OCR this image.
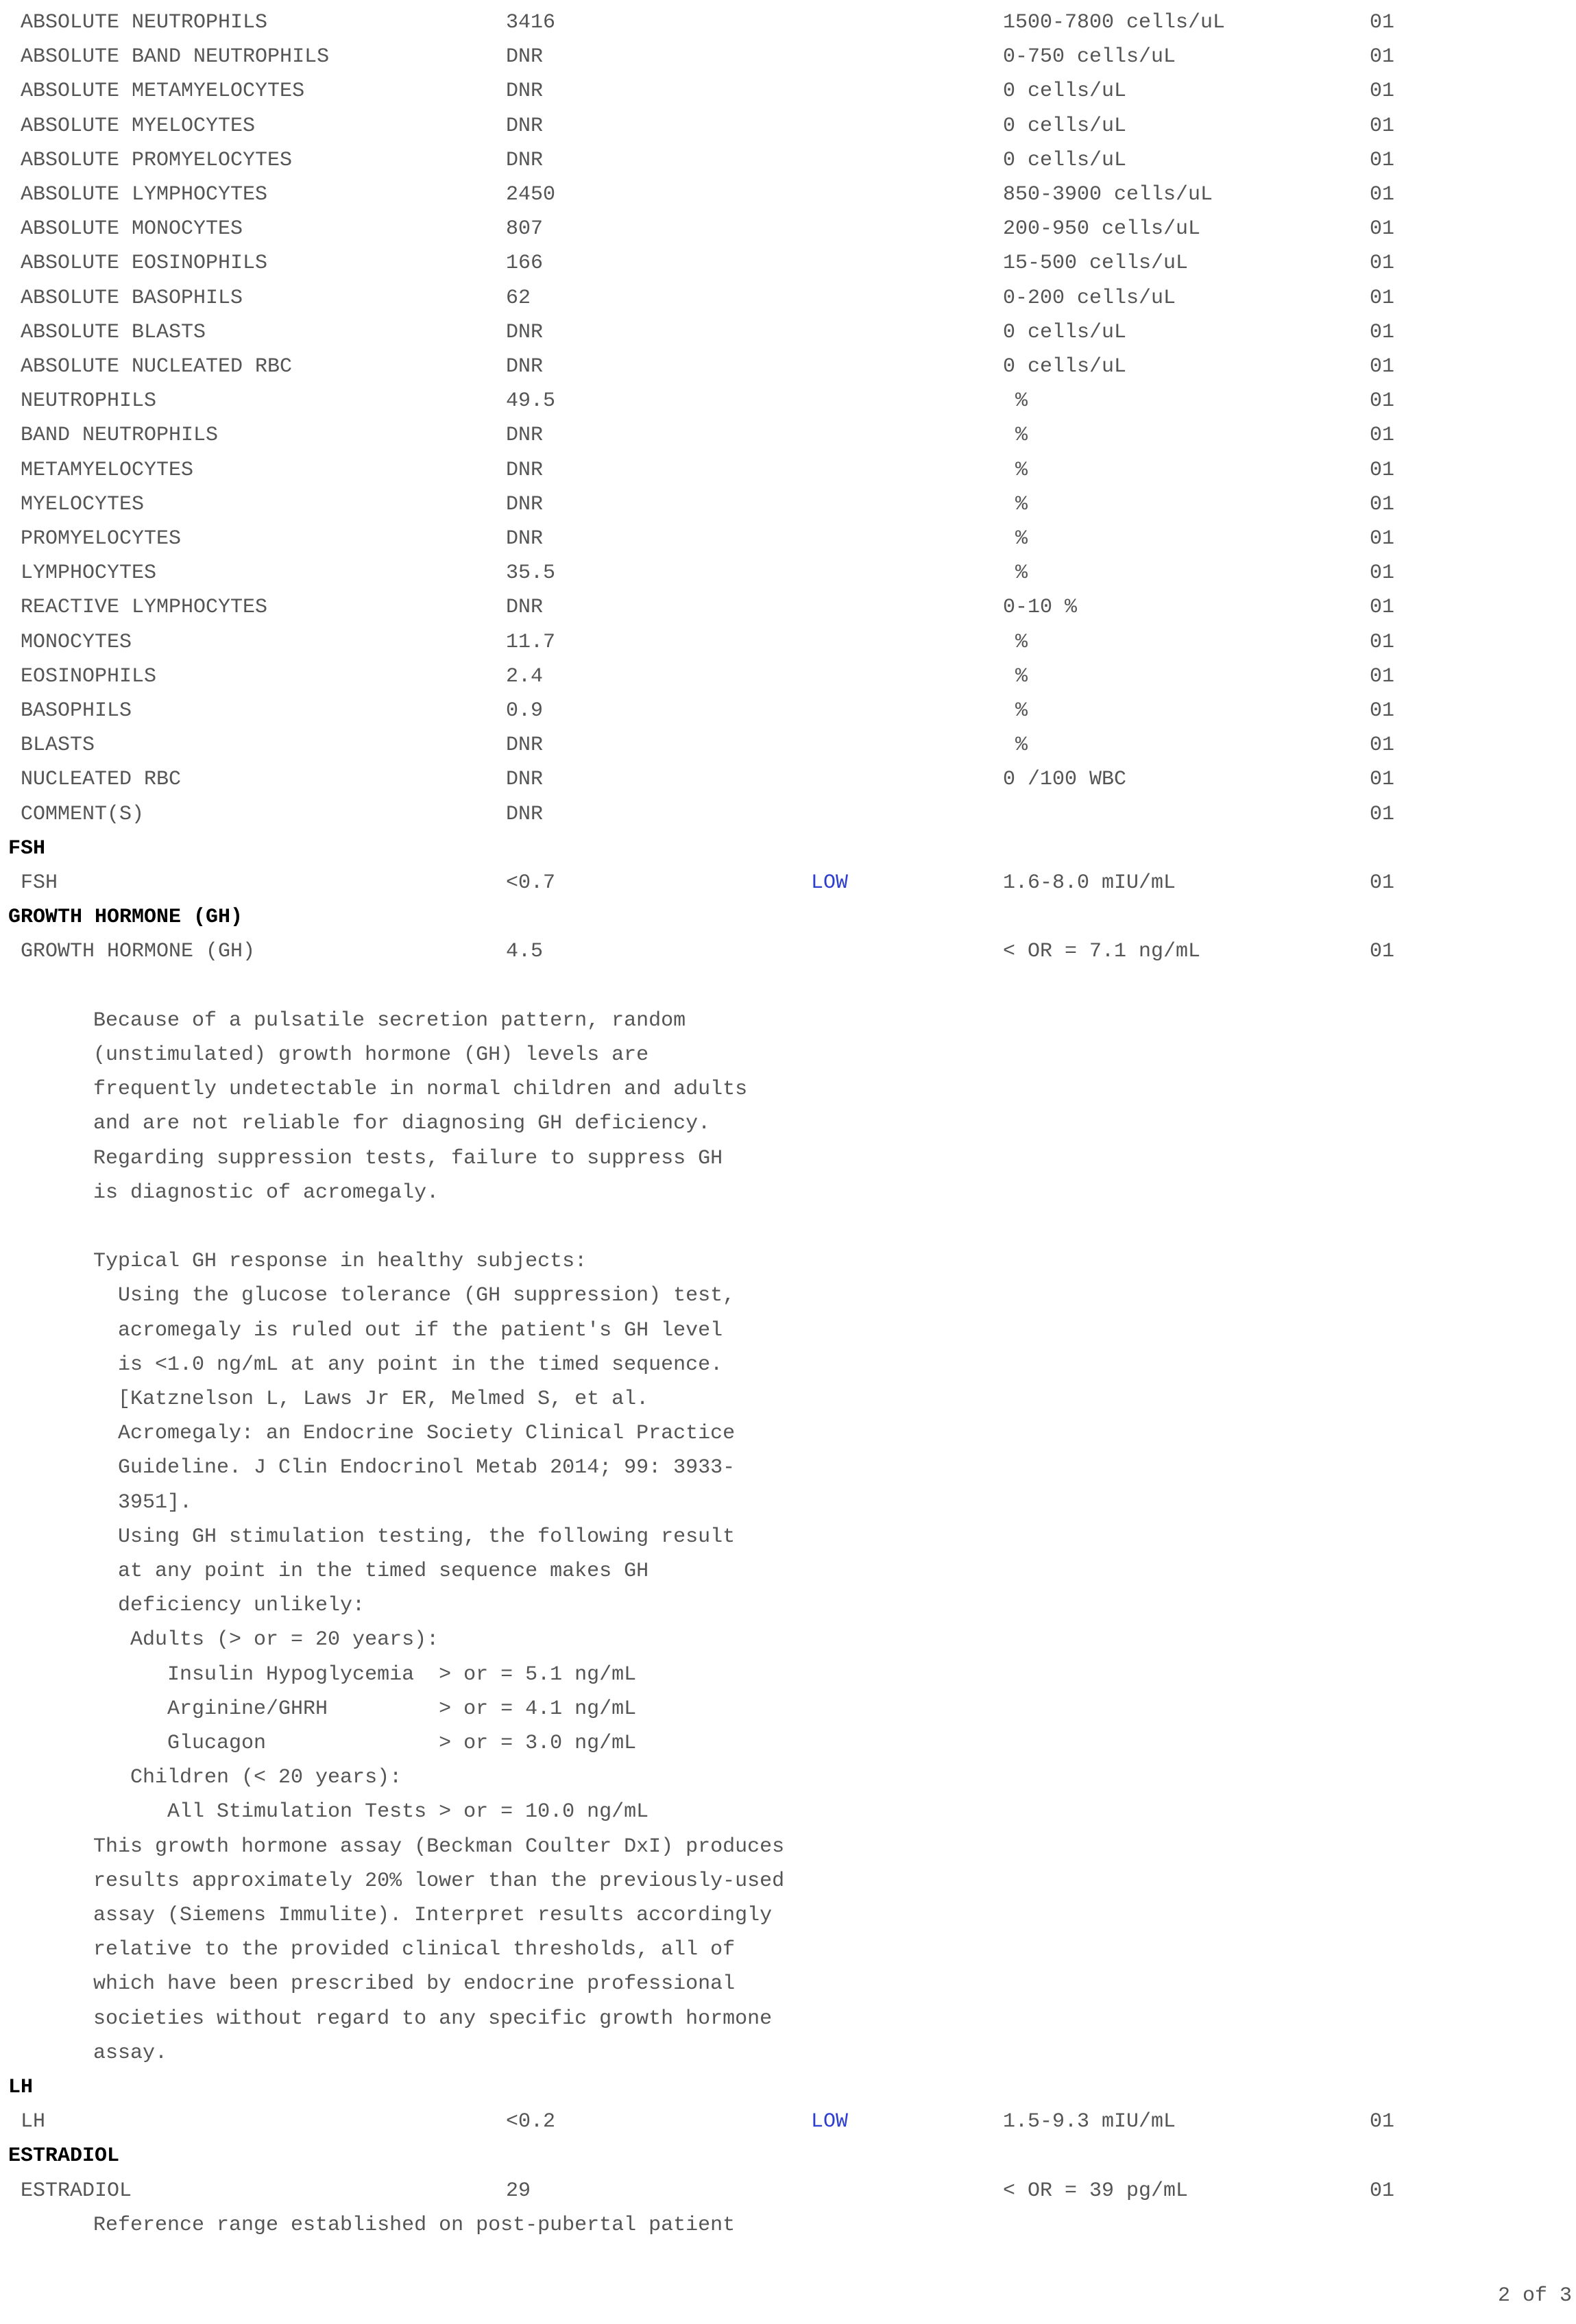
ABSOLUTE NEUTROPHILS	3416	1500-7800 cells/uL	01
ABSOLUTE BAND NEUTROPHILS	DNR	0-750 cells/uL	01
ABSOLUTE METAMYELOCYTES	DNR	0 cells/uL	01
ABSOLUTE MYELOCYTES	DNR	0 cells/uL	01
ABSOLUTE PROMYELOCYTES	DNR	0 cells/uL	01
ABSOLUTE LYMPHOCYTES	2450	850-3900 cells/uL	01
ABSOLUTE MONOCYTES	807	200-950 cells/uL	01
ABSOLUTE EOSINOPHILS	166	15-500 cells/uL	01
ABSOLUTE BASOPHILS	62	0-200 cells/uL	01
ABSOLUTE BLASTS	DNR	0 cells/uL	01
ABSOLUTE NUCLEATED RBC	DNR	0 cells/uL	01
NEUTROPHILS	49.5	%	01
BAND NEUTROPHILS	DNR	%	01
METAMYELOCYTES	DNR	%	01
MYELOCYTES	DNR	%	01
PROMYELOCYTES	DNR	%	01
LYMPHOCYTES	35.5	%	01
REACTIVE LYMPHOCYTES	DNR	0-10 %	01
MONOCYTES	11.7	%	01
EOSINOPHILS	2.4	%	01
BASOPHILS	0.9	%	01
BLASTS	DNR	%	01
NUCLEATED RBC	DNR	0 /100 WBC	01
COMMENT(S)	DNR	01
FSH
FSH	<0.7	LOW	1.6-8.0 mIU/mL	01
GROWTH HORMONE (GH)
GROWTH HORMONE (GH)	4.5	< OR = 7.1 ng/mL	01
Because of a pulsatile secretion pattern, random
(unstimulated) growth hormone (GH) levels are
frequently undetectable in normal children and adults
and are not reliable for diagnosing GH deficiency.
Regarding suppression tests, failure to suppress GH
is diagnostic of acromegaly.
Typical GH response in healthy subjects:
Using the glucose tolerance (GH suppression) test,
acromegaly is ruled out if the patient's GH level
is <1.0 ng/mL at any point in the timed sequence.
[Katznelson L, Laws Jr ER, Melmed S, et al.
Acromegaly: an Endocrine Society Clinical Practice
Guideline. J Clin Endocrinol Metab 2014; 99: 3933-
3951].
Using GH stimulation testing, the following result
at any point in the timed sequence makes GH
deficiency unlikely:
Adults (> or = 20 years):
Insulin Hypoglycemia  > or = 5.1 ng/mL
Arginine/GHRH         > or = 4.1 ng/mL
Glucagon              > or = 3.0 ng/mL
Children (< 20 years):
All Stimulation Tests > or = 10.0 ng/mL
This growth hormone assay (Beckman Coulter DxI) produces
results approximately 20% lower than the previously-used
assay (Siemens Immulite). Interpret results accordingly
relative to the provided clinical thresholds, all of
which have been prescribed by endocrine professional
societies without regard to any specific growth hormone
assay.
LH
LH	<0.2	LOW	1.5-9.3 mIU/mL	01
ESTRADIOL
ESTRADIOL	29	< OR = 39 pg/mL	01
Reference range established on post-pubertal patient
2 of 3
